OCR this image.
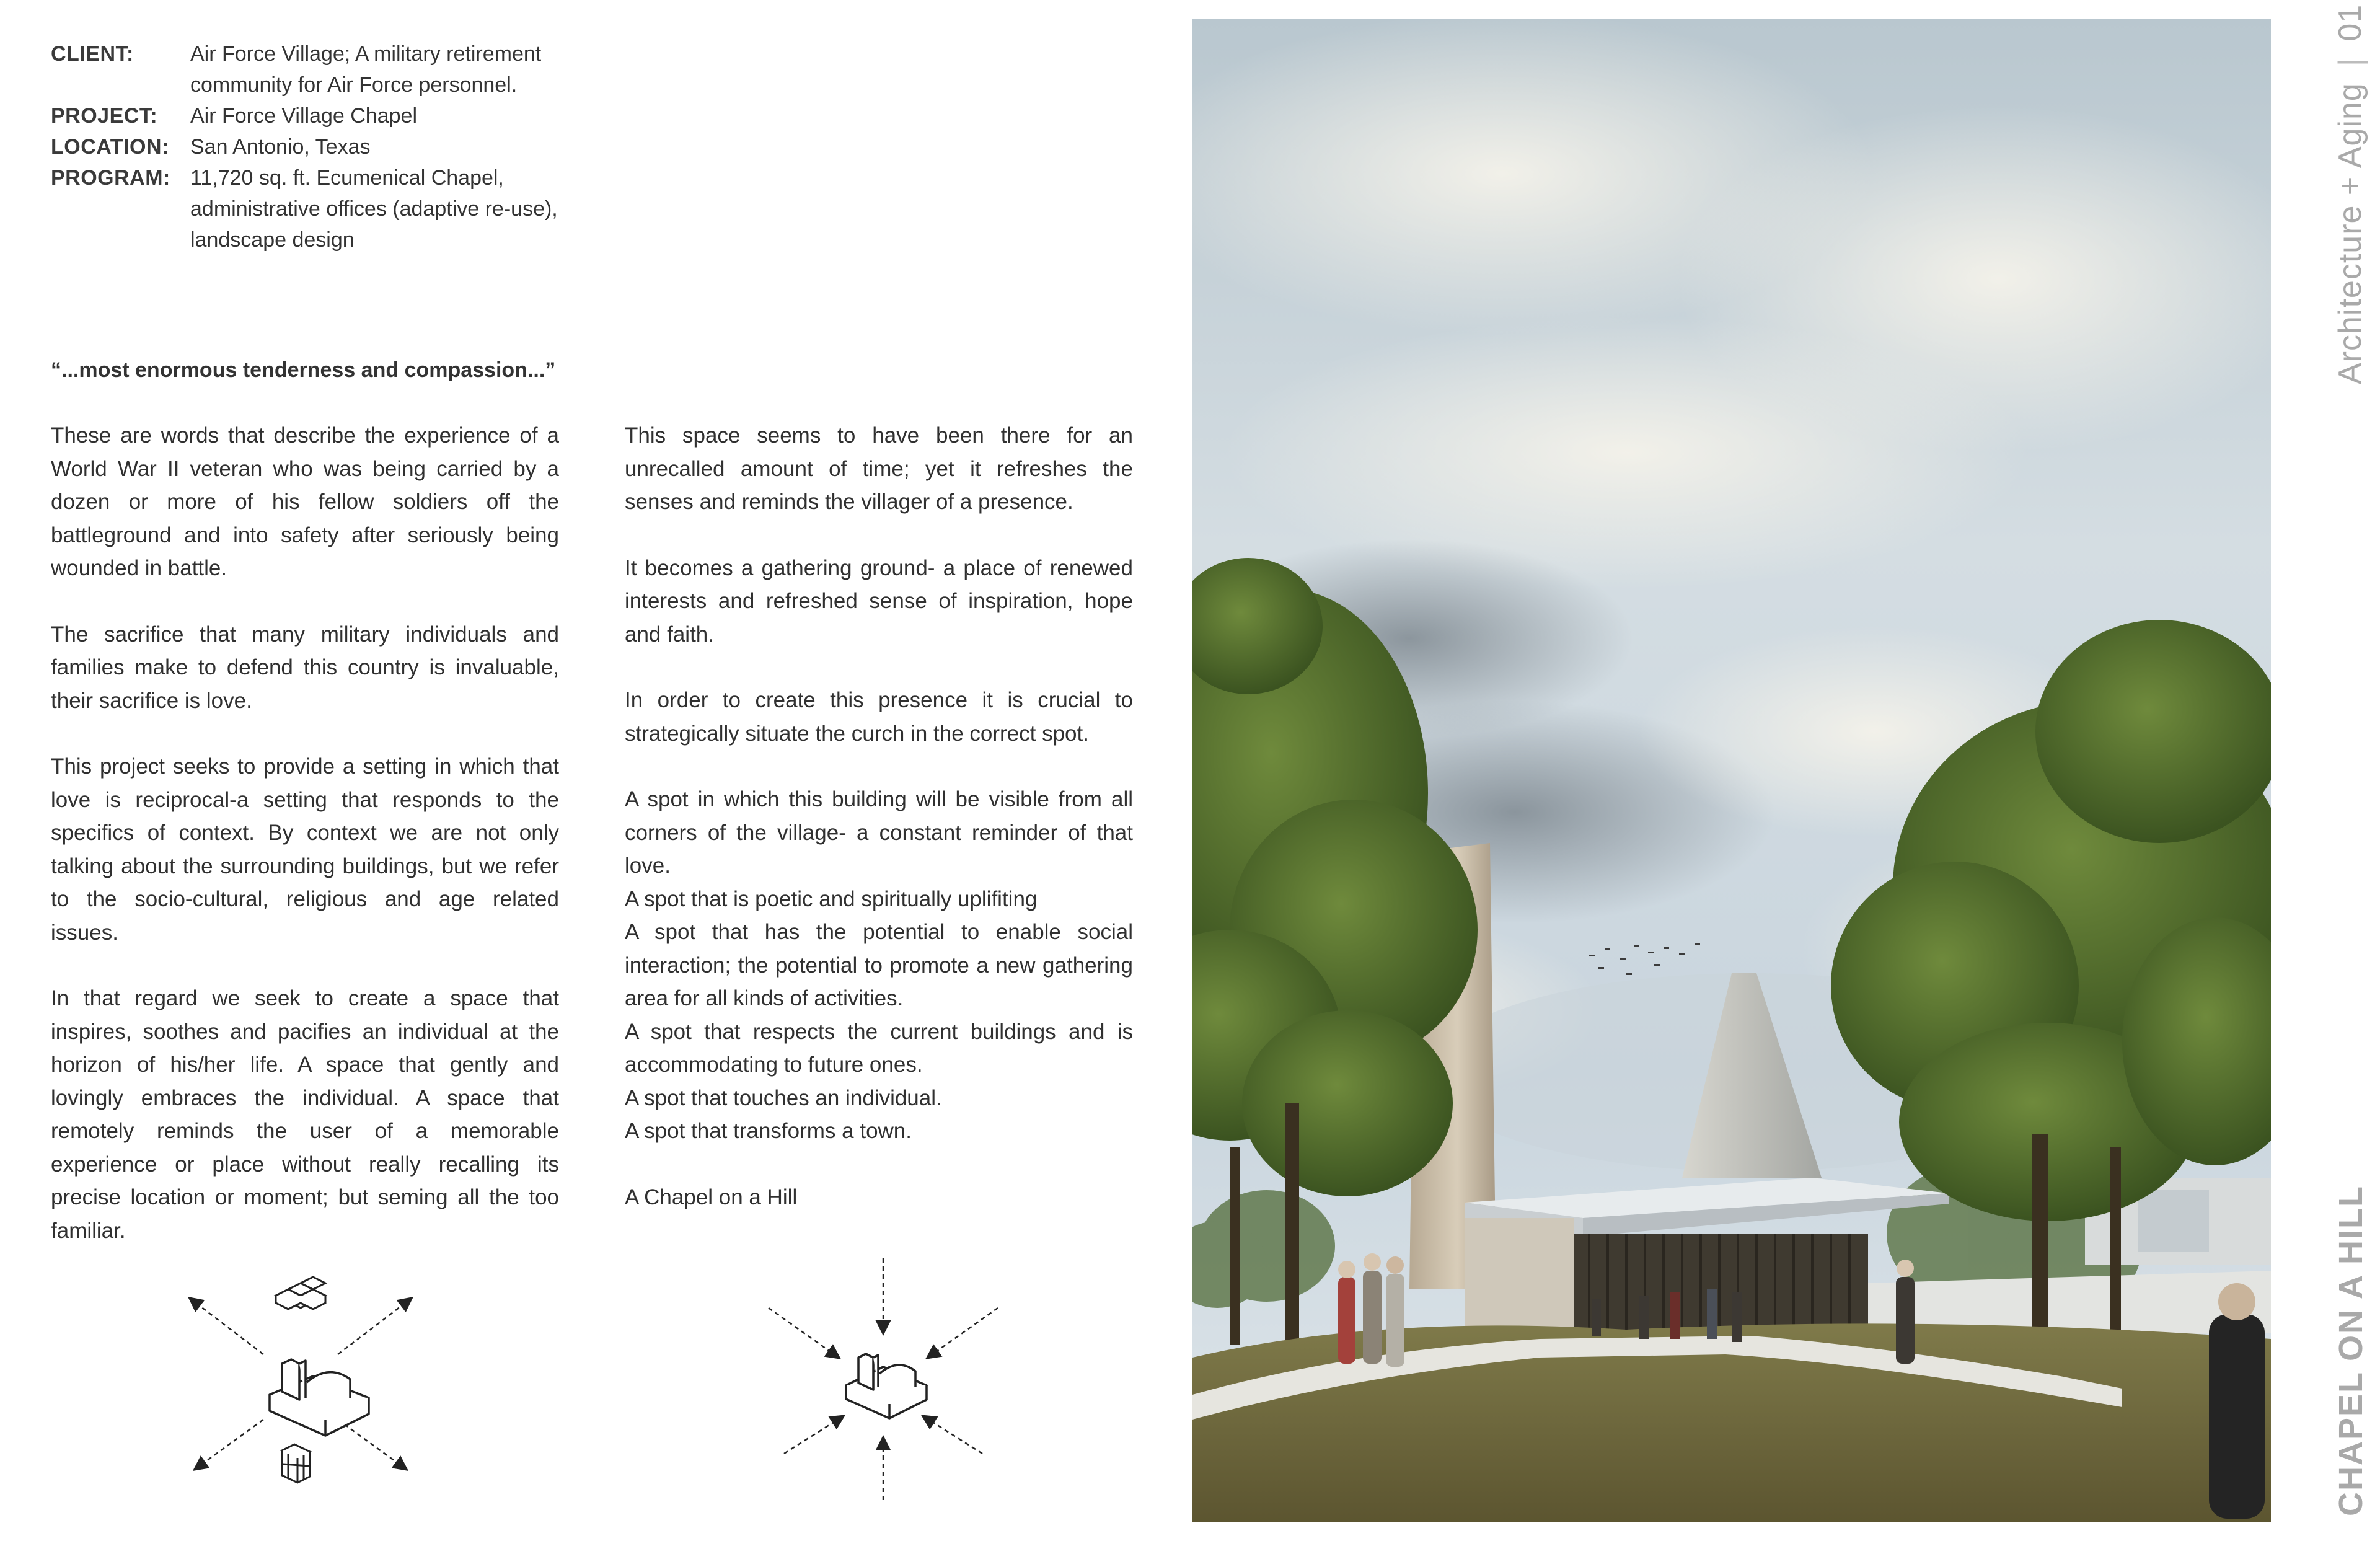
CLIENT:	Air Force Village; A military retirement community for Air Force personnel.
PROJECT:	Air Force Village Chapel
LOCATION:	San Antonio, Texas
PROGRAM: 11,720 sq. ft. Ecumenical Chapel, administrative offices (adaptive re-use), landscape design
“...most enormous tenderness and compassion...”

These are words that describe the experience of a World War II veteran who was being carried by a dozen or more of his fellow soldiers off the battleground and into safety after seriously being wounded in battle.

The sacrifice that many military individuals and families make to defend this country is invaluable, their sacrifice is love.

This project seeks to provide a setting in which that love is reciprocal-a setting that responds to the specifics of context. By context we are not only talking about the surrounding buildings, but we refer to the socio-cultural, religious and age related issues.

In that regard we seek to create a space that inspires, soothes and pacifies an individual at the horizon of his/her life. A space that gently and lovingly embraces the individual. A space that remotely reminds the user of a memorable experience or place without really recalling its precise location or moment; but seming all the too familiar.

This space seems to have been there for an unrecalled amount of time; yet it refreshes the senses and reminds the villager of a presence.

It becomes a gathering ground- a place of renewed interests and refreshed sense of inspiration, hope and faith.

In order to create this presence it is crucial to strategically situate the curch in the correct spot.

A spot in which this building will be visible from all corners of the village- a constant reminder of that love.

A spot that is poetic and spiritually uplifiting

A spot that has the potential to enable social interaction; the potential to promote a new gathering area for all kinds of activities.

A spot that respects the current buildings and is accommodating to future ones.

A spot that touches an individual.

A spot that transforms a town.

A Chapel on a Hill

Architecture + Aging|01
CHAPEL ON A HILL
